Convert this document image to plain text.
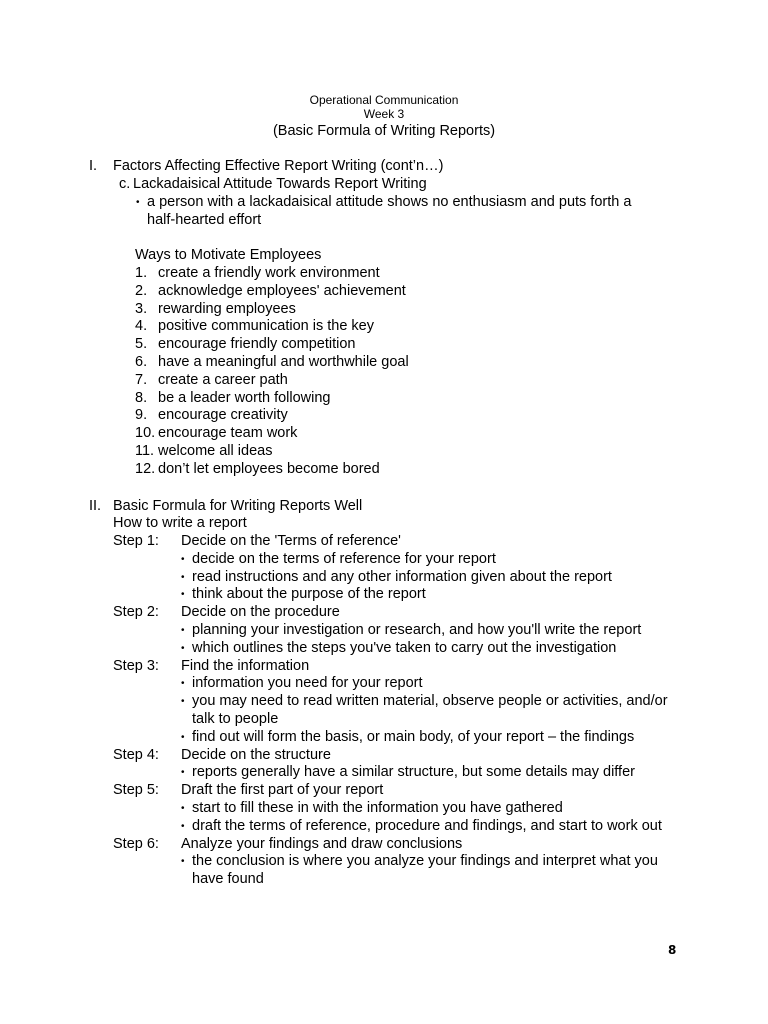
Operational Communication
Week 3
(Basic Formula of Writing Reports)
I. Factors Affecting Effective Report Writing (cont’n…)
c. Lackadaisical Attitude Towards Report Writing
• a person with a lackadaisical attitude shows no enthusiasm and puts forth a
half-hearted effort
Ways to Motivate Employees
1. create a friendly work environment
2. acknowledge employees' achievement
3. rewarding employees
4. positive communication is the key
5. encourage friendly competition
6. have a meaningful and worthwhile goal
7. create a career path
8. be a leader worth following
9. encourage creativity
10. encourage team work
11. welcome all ideas
12. don’t let employees become bored
II. Basic Formula for Writing Reports Well
How to write a report
Step 1: Decide on the 'Terms of reference'
• decide on the terms of reference for your report
• read instructions and any other information given about the report
• think about the purpose of the report
Step 2: Decide on the procedure
• planning your investigation or research, and how you'll write the report
• which outlines the steps you've taken to carry out the investigation
Step 3: Find the information
• information you need for your report
• you may need to read written material, observe people or activities, and/or talk to people
• find out will form the basis, or main body, of your report – the findings
Step 4: Decide on the structure
• reports generally have a similar structure, but some details may differ
Step 5: Draft the first part of your report
• start to fill these in with the information you have gathered
• draft the terms of reference, procedure and findings, and start to work out
Step 6: Analyze your findings and draw conclusions
• the conclusion is where you analyze your findings and interpret what you have found
8
